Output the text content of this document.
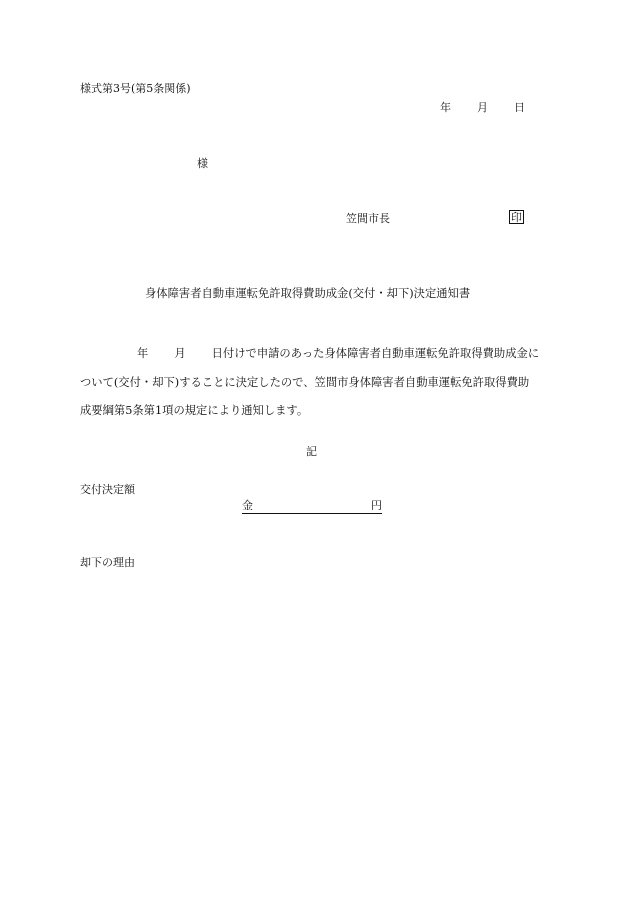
様式第3号(第5条関係)
年 月 日
様
笠間市長	印
身体障害者自動車運転免許取得費助成金(交付・却下)決定通知書
年 月 日付けで申請のあった身体障害者自動車運転免許取得費助成金に
ついて(交付・却下)することに決定したので、笠間市身体障害者自動車運転免許取得費助
成要綱第5条第1項の規定により通知します。
記
交付決定額
金	円
却下の理由
